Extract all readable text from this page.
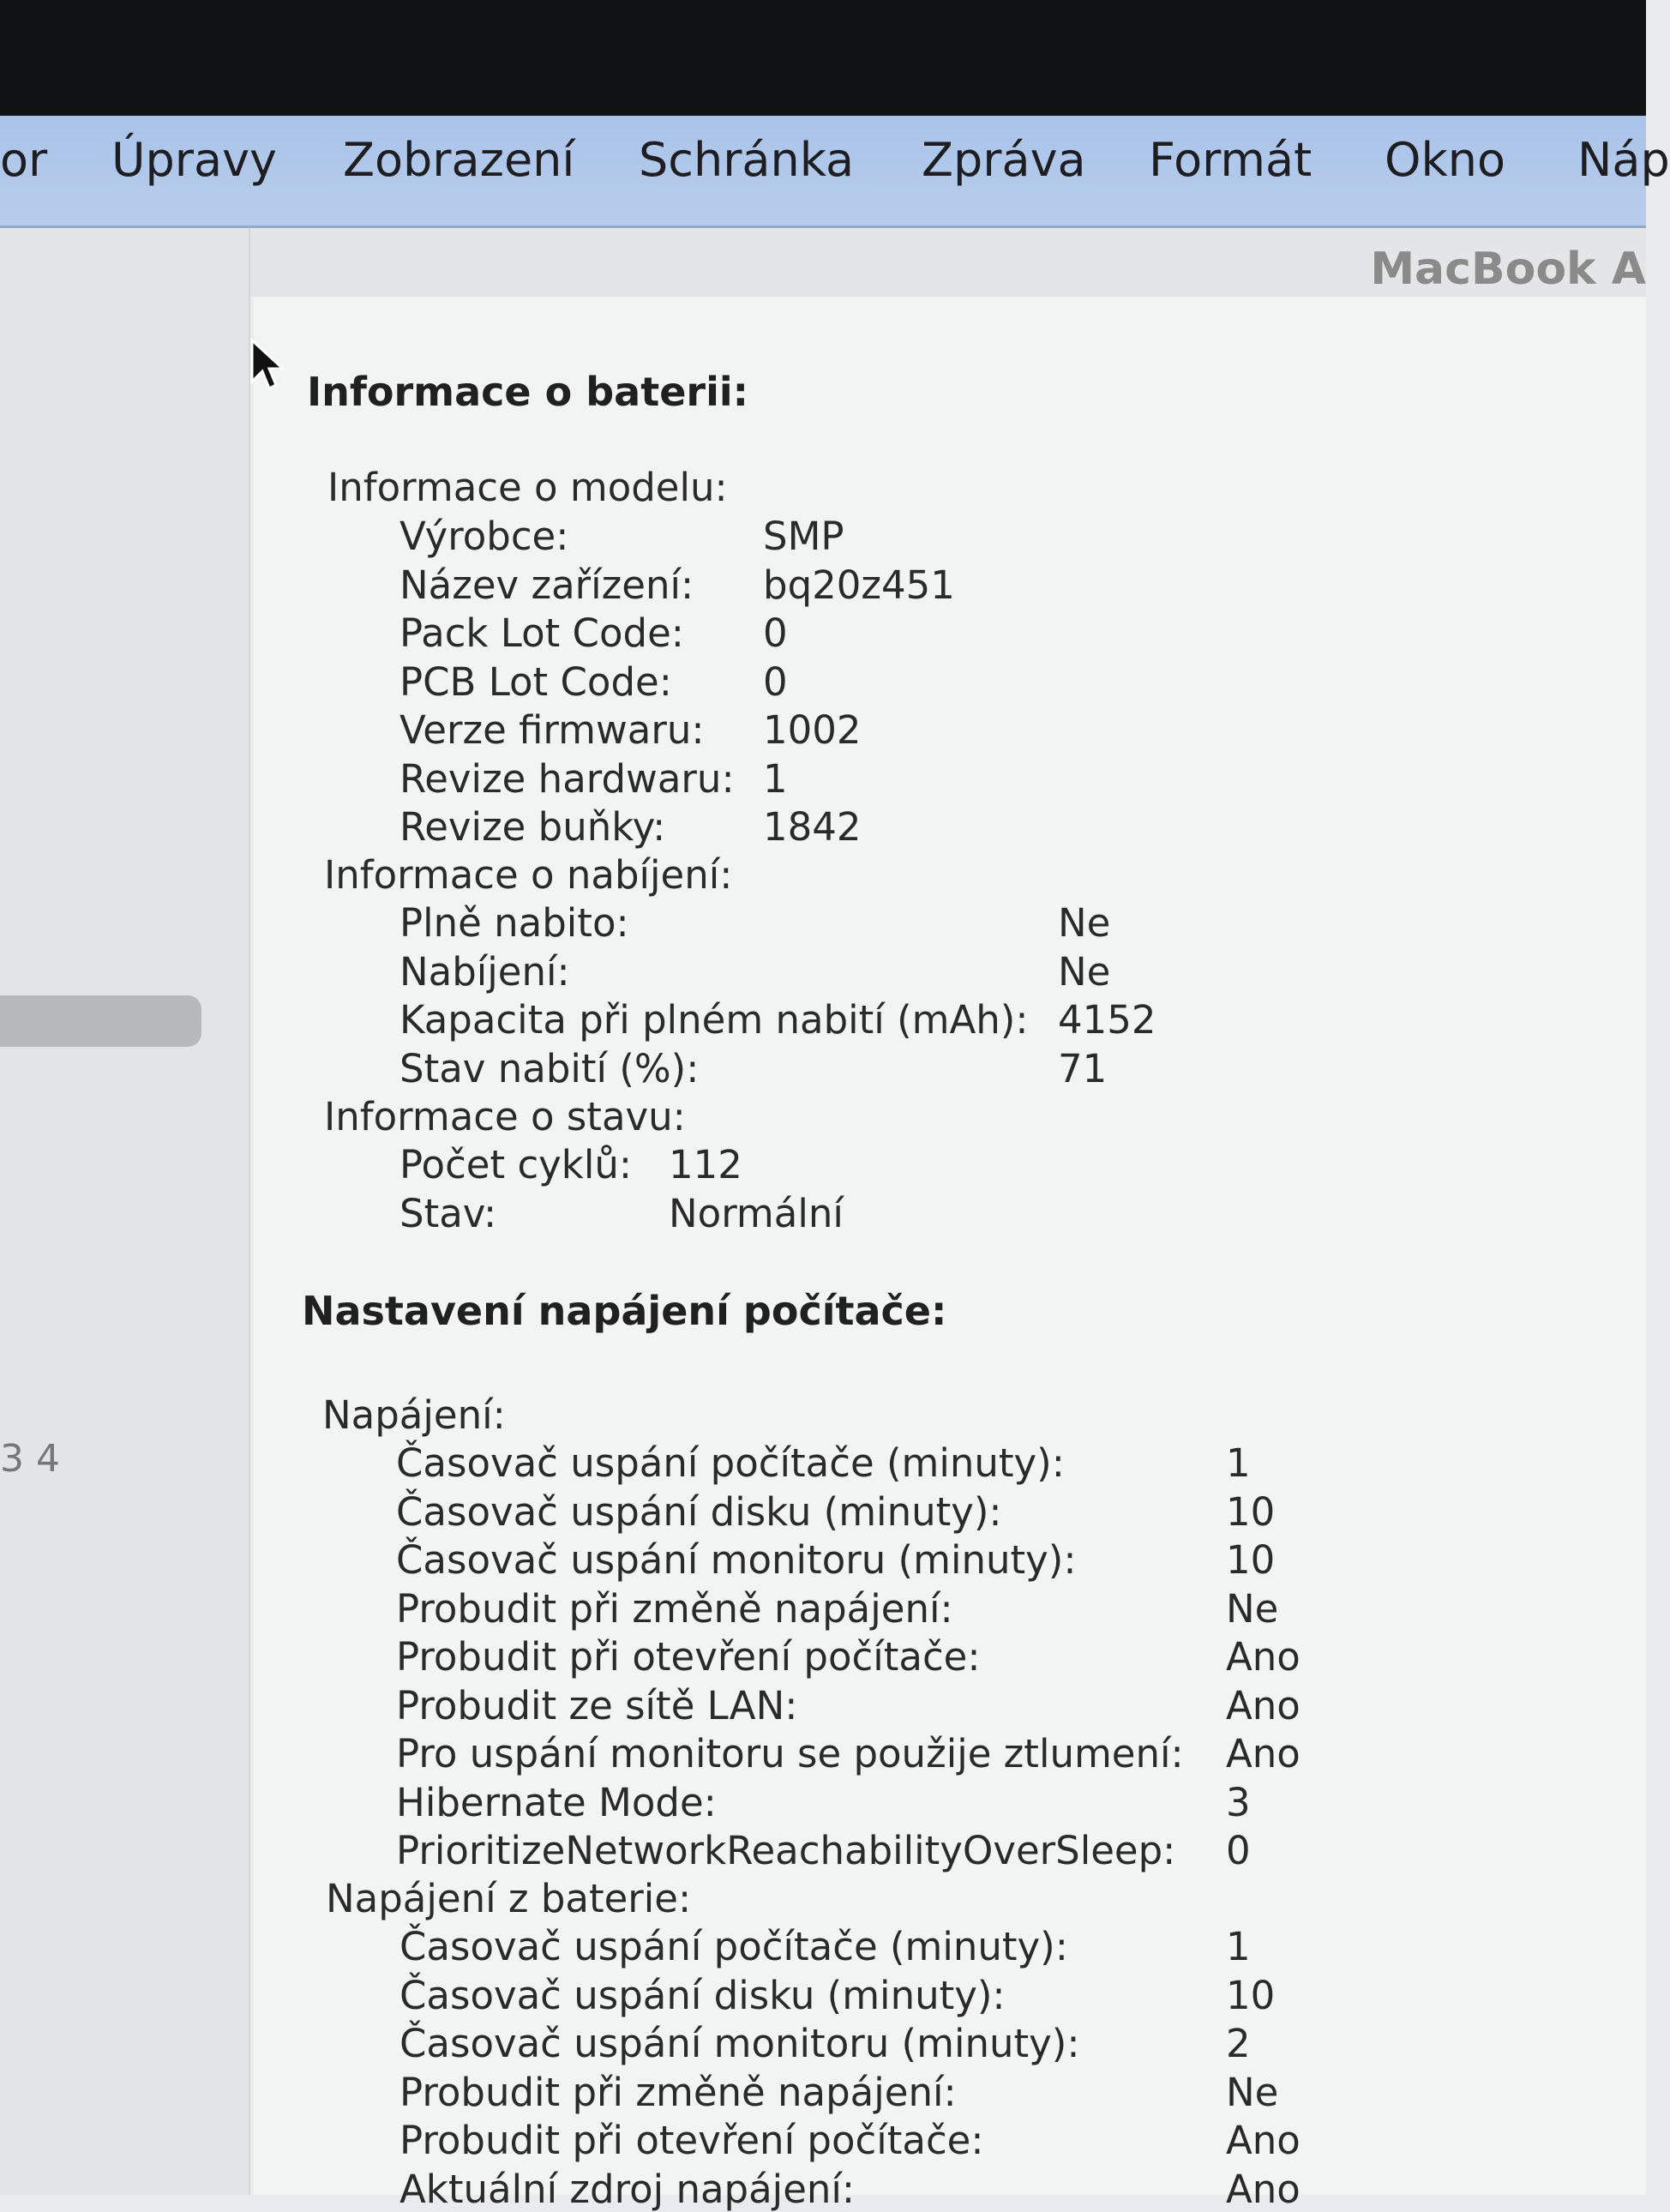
or Úpravy Zobrazení Schránka Zpráva Formát Okno Náp
3 4
MacBook A
Informace o baterii:
Informace o modelu:
Výrobce:	SMP
Název zařízení: bq20z451
Pack Lot Code: 0
PCB Lot Code: 0
Verze firmwaru: 1002
Revize hardwaru: 1
Revize buňky:	1842
Informace o nabíjení:
Plně nabito:	Ne
Nabíjení:	Ne
Kapacita při plném nabití (mAh): 4152
Stav nabití (%):	71
Informace o stavu:
Počet cyklů: 112
Stav:	Normální
Nastavení napájení počítače:
Napájení:
Časovač uspání počítače (minuty):	1
Časovač uspání disku (minuty):	10
Časovač uspání monitoru (minuty):	10
Probudit při změně napájení:	Ne
Probudit při otevření počítače:	Ano
Probudit ze sítě LAN:	Ano
Pro uspání monitoru se použije ztlumení: Ano
Hibernate Mode:	3
PrioritizeNetworkReachabilityOverSleep: 0
Napájení z baterie:
Časovač uspání počítače (minuty):	1
Časovač uspání disku (minuty):	10
Časovač uspání monitoru (minuty):	2
Probudit při změně napájení:	Ne
Probudit při otevření počítače:	Ano
Aktuální zdroj napájení:	Ano
